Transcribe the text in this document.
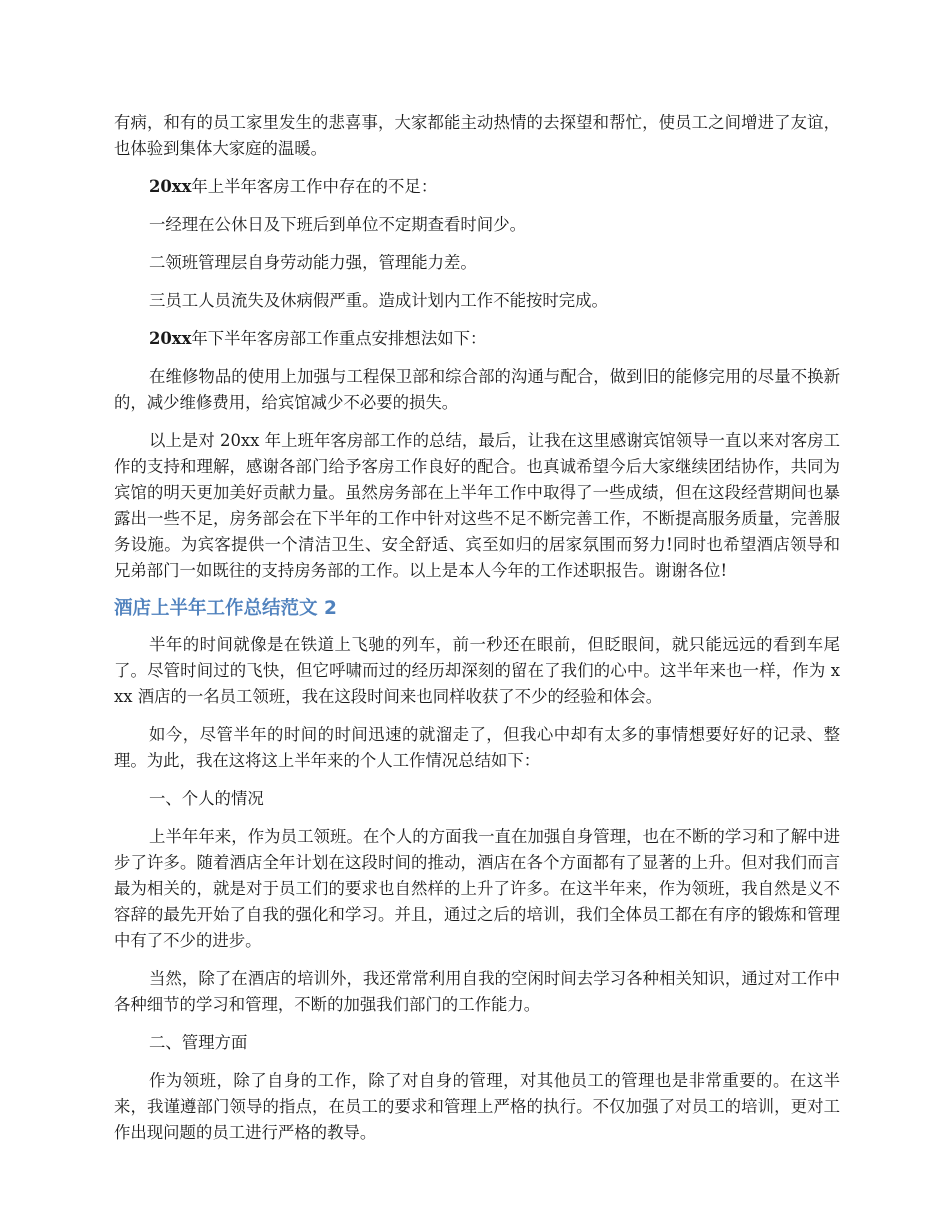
有病，和有的员工家里发生的悲喜事，大家都能主动热情的去探望和帮忙，使员工之间增进了友谊，也体验到集体大家庭的温暖。

20xx年上半年客房工作中存在的不足：

一经理在公休日及下班后到单位不定期查看时间少。

二领班管理层自身劳动能力强，管理能力差。

三员工人员流失及休病假严重。造成计划内工作不能按时完成。

20xx年下半年客房部工作重点安排想法如下：

在维修物品的使用上加强与工程保卫部和综合部的沟通与配合，做到旧的能修完用的尽量不换新的，减少维修费用，给宾馆减少不必要的损失。

以上是对 20xx 年上班年客房部工作的总结，最后，让我在这里感谢宾馆领导一直以来对客房工作的支持和理解，感谢各部门给予客房工作良好的配合。也真诚希望今后大家继续团结协作，共同为宾馆的明天更加美好贡献力量。虽然房务部在上半年工作中取得了一些成绩，但在这段经营期间也暴露出一些不足，房务部会在下半年的工作中针对这些不足不断完善工作，不断提高服务质量，完善服务设施。为宾客提供一个清洁卫生、安全舒适、宾至如归的居家氛围而努力!同时也希望酒店领导和兄弟部门一如既往的支持房务部的工作。以上是本人今年的工作述职报告。谢谢各位!

酒店上半年工作总结范文 2

半年的时间就像是在铁道上飞驰的列车，前一秒还在眼前，但眨眼间，就只能远远的看到车尾了。尽管时间过的飞快，但它呼啸而过的经历却深刻的留在了我们的心中。这半年来也一样，作为 xxx 酒店的一名员工领班，我在这段时间来也同样收获了不少的经验和体会。

如今，尽管半年的时间的时间迅速的就溜走了，但我心中却有太多的事情想要好好的记录、整理。为此，我在这将这上半年来的个人工作情况总结如下：

一、个人的情况

上半年年来，作为员工领班。在个人的方面我一直在加强自身管理，也在不断的学习和了解中进步了许多。随着酒店全年计划在这段时间的推动，酒店在各个方面都有了显著的上升。但对我们而言最为相关的，就是对于员工们的要求也自然样的上升了许多。在这半年来，作为领班，我自然是义不容辞的最先开始了自我的强化和学习。并且，通过之后的培训，我们全体员工都在有序的锻炼和管理中有了不少的进步。

当然，除了在酒店的培训外，我还常常利用自我的空闲时间去学习各种相关知识，通过对工作中各种细节的学习和管理，不断的加强我们部门的工作能力。

二、管理方面

作为领班，除了自身的工作，除了对自身的管理，对其他员工的管理也是非常重要的。在这半来，我谨遵部门领导的指点，在员工的要求和管理上严格的执行。不仅加强了对员工的培训，更对工作出现问题的员工进行严格的教导。
